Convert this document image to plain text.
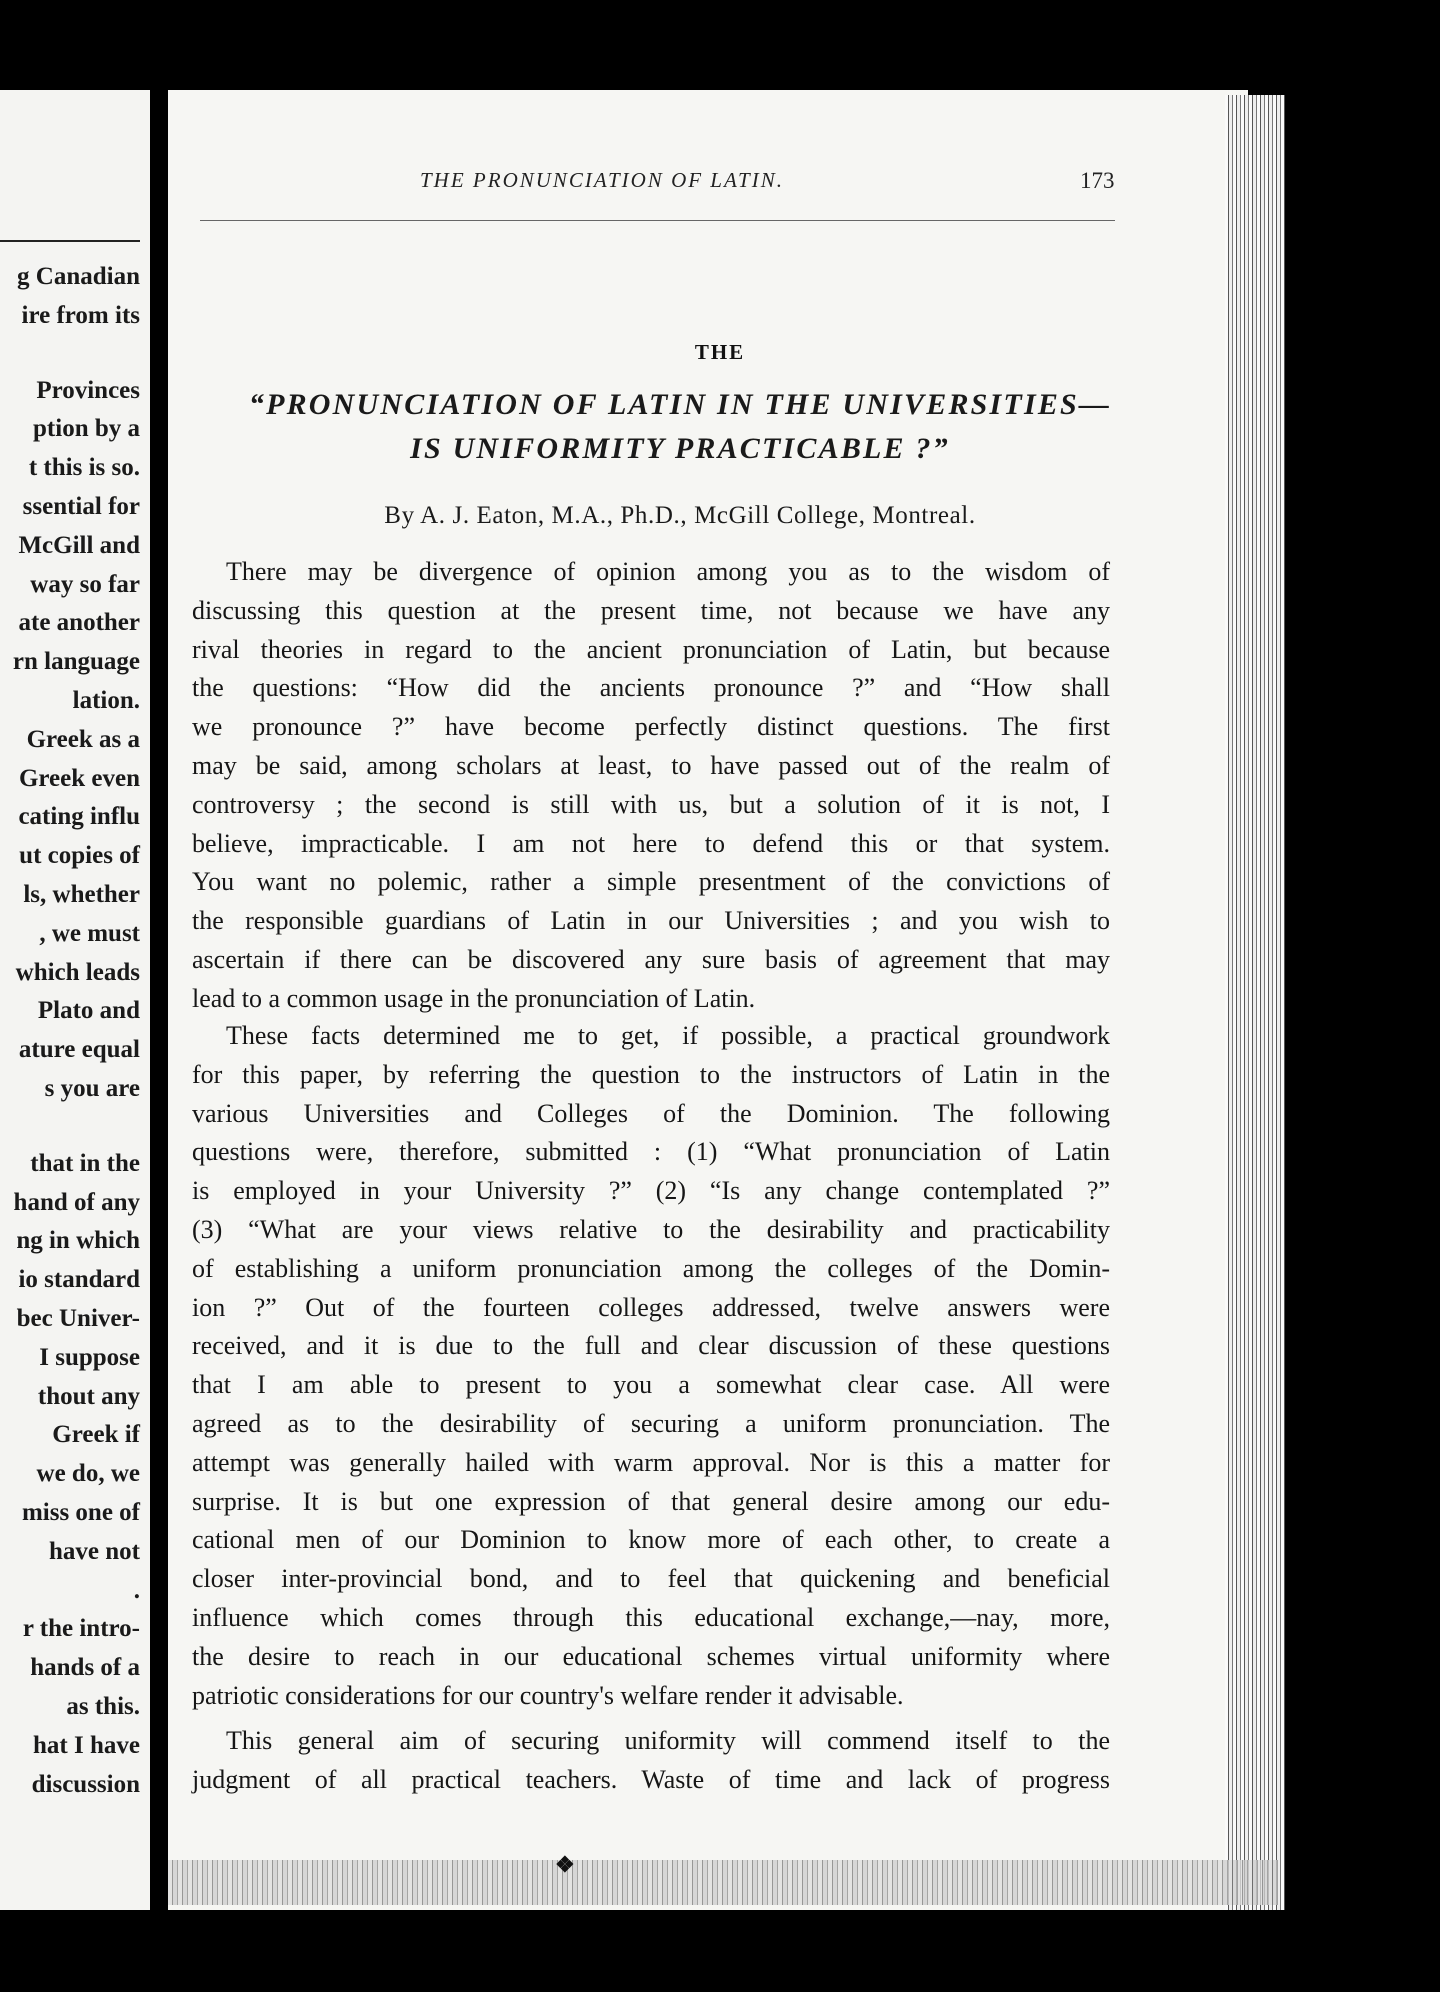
g Canadian
ire from its
Provinces
ption by a
t this is so.
ssential for
McGill and
way so far
ate another
rn language
lation.
Greek as a
Greek even
cating influ
ut copies of
ls, whether
, we must
which leads
Plato and
ature equal
s you are
that in the
hand of any
ng in which
io standard
bec Univer-
I suppose
thout any
Greek if
we do, we
miss one of
have not
.
r the intro-
hands of a
as this.
hat I have
discussion
THE PRONUNCIATION OF LATIN.	173
THE
“PRONUNCIATION OF LATIN IN THE UNIVERSITIES—
IS UNIFORMITY PRACTICABLE ?”
By A. J. Eaton, M.A., Ph.D., McGill College, Montreal.
There may be divergence of opinion among you as to the wisdom of
discussing this question at the present time, not because we have any
rival theories in regard to the ancient pronunciation of Latin, but because
the questions: “How did the ancients pronounce ?” and “How shall
we pronounce ?” have become perfectly distinct questions. The first
may be said, among scholars at least, to have passed out of the realm of
controversy ; the second is still with us, but a solution of it is not, I
believe, impracticable. I am not here to defend this or that system.
You want no polemic, rather a simple presentment of the convictions of
the responsible guardians of Latin in our Universities ; and you wish to
ascertain if there can be discovered any sure basis of agreement that may
lead to a common usage in the pronunciation of Latin.
These facts determined me to get, if possible, a practical groundwork
for this paper, by referring the question to the instructors of Latin in the
various Universities and Colleges of the Dominion. The following
questions were, therefore, submitted : (1) “What pronunciation of Latin
is employed in your University ?” (2) “Is any change contemplated ?”
(3) “What are your views relative to the desirability and practicability
of establishing a uniform pronunciation among the colleges of the Domin-
ion ?” Out of the fourteen colleges addressed, twelve answers were
received, and it is due to the full and clear discussion of these questions
that I am able to present to you a somewhat clear case. All were
agreed as to the desirability of securing a uniform pronunciation. The
attempt was generally hailed with warm approval. Nor is this a matter for
surprise. It is but one expression of that general desire among our edu-
cational men of our Dominion to know more of each other, to create a
closer inter-provincial bond, and to feel that quickening and beneficial
influence which comes through this educational exchange,—nay, more,
the desire to reach in our educational schemes virtual uniformity where
patriotic considerations for our country's welfare render it advisable.
This general aim of securing uniformity will commend itself to the
judgment of all practical teachers. Waste of time and lack of progress
❖
